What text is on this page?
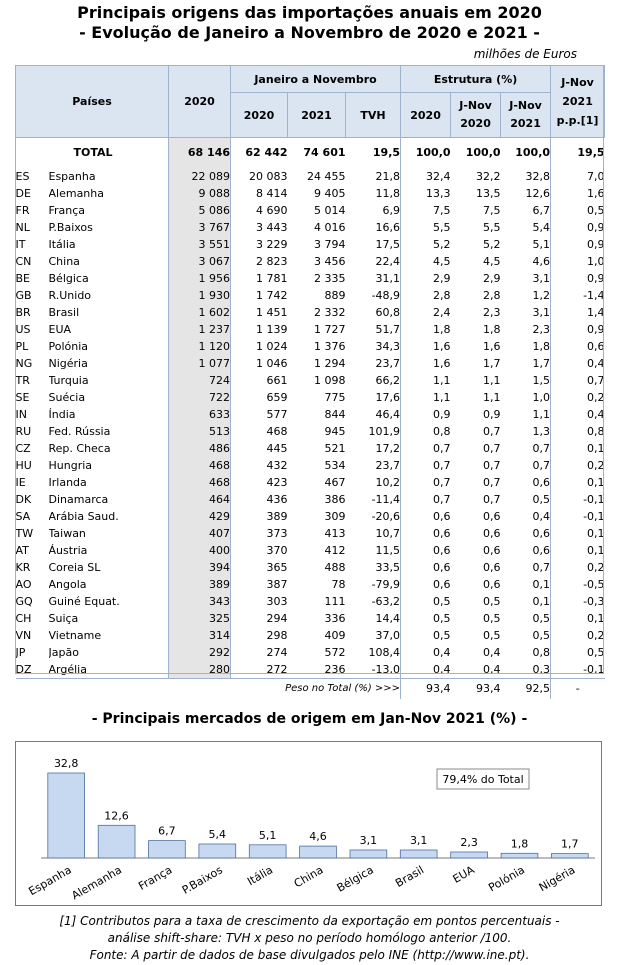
Principais origens das importações anuais em 2020
- Evolução de Janeiro a Novembro de 2020 e 2021 -
milhões de Euros
Países		2020	Janeiro a Novembro			Estrutura (%)			J-Nov 2021 p.p.[1]
			2020	2021	TVH	2020	J-Nov 2020	J-Nov 2021	
	TOTAL	68 146	62 442	74 601	19,5	100,0	100,0	100,0	19,5
ES	Espanha	22 089	20 083	24 455	21,8	32,4	32,2	32,8	7,0
DE	Alemanha	9 088	8 414	9 405	11,8	13,3	13,5	12,6	1,6
FR	França	5 086	4 690	5 014	6,9	7,5	7,5	6,7	0,5
NL	P.Baixos	3 767	3 443	4 016	16,6	5,5	5,5	5,4	0,9
IT	Itália	3 551	3 229	3 794	17,5	5,2	5,2	5,1	0,9
CN	China	3 067	2 823	3 456	22,4	4,5	4,5	4,6	1,0
BE	Bélgica	1 956	1 781	2 335	31,1	2,9	2,9	3,1	0,9
GB	R.Unido	1 930	1 742	889	-48,9	2,8	2,8	1,2	-1,4
BR	Brasil	1 602	1 451	2 332	60,8	2,4	2,3	3,1	1,4
US	EUA	1 237	1 139	1 727	51,7	1,8	1,8	2,3	0,9
PL	Polónia	1 120	1 024	1 376	34,3	1,6	1,6	1,8	0,6
NG	Nigéria	1 077	1 046	1 294	23,7	1,6	1,7	1,7	0,4
TR	Turquia	724	661	1 098	66,2	1,1	1,1	1,5	0,7
SE	Suécia	722	659	775	17,6	1,1	1,1	1,0	0,2
IN	Índia	633	577	844	46,4	0,9	0,9	1,1	0,4
RU	Fed. Rússia	513	468	945	101,9	0,8	0,7	1,3	0,8
CZ	Rep. Checa	486	445	521	17,2	0,7	0,7	0,7	0,1
HU	Hungria	468	432	534	23,7	0,7	0,7	0,7	0,2
IE	Irlanda	468	423	467	10,2	0,7	0,7	0,6	0,1
DK	Dinamarca	464	436	386	-11,4	0,7	0,7	0,5	-0,1
SA	Arábia Saud.	429	389	309	-20,6	0,6	0,6	0,4	-0,1
TW	Taiwan	407	373	413	10,7	0,6	0,6	0,6	0,1
AT	Áustria	400	370	412	11,5	0,6	0,6	0,6	0,1
KR	Coreia SL	394	365	488	33,5	0,6	0,6	0,7	0,2
AO	Angola	389	387	78	-79,9	0,6	0,6	0,1	-0,5
GQ	Guiné Equat.	343	303	111	-63,2	0,5	0,5	0,1	-0,3
CH	Suiça	325	294	336	14,4	0,5	0,5	0,5	0,1
VN	Vietname	314	298	409	37,0	0,5	0,5	0,5	0,2
JP	Japão	292	274	572	108,4	0,4	0,4	0,8	0,5
DZ	Argélia	280	272	236	-13,0	0,4	0,4	0,3	-0,1
Peso no Total (%) >>>						93,4	93,4	92,5	-
- Principais mercados de origem em Jan-Nov 2021 (%) -
32,8
Espanha
12,6
Alemanha
6,7
França
5,4
P.Baixos
5,1
Itália
4,6
China
3,1
Bélgica
3,1
Brasil
2,3
EUA
1,8
Polónia
1,7
Nigéria
79,4% do Total
[1] Contributos para a taxa de crescimento da exportação em pontos percentuais -
análise shift-share: TVH x peso no período homólogo anterior /100.
Fonte: A partir de dados de base divulgados pelo INE (http://www.ine.pt).
